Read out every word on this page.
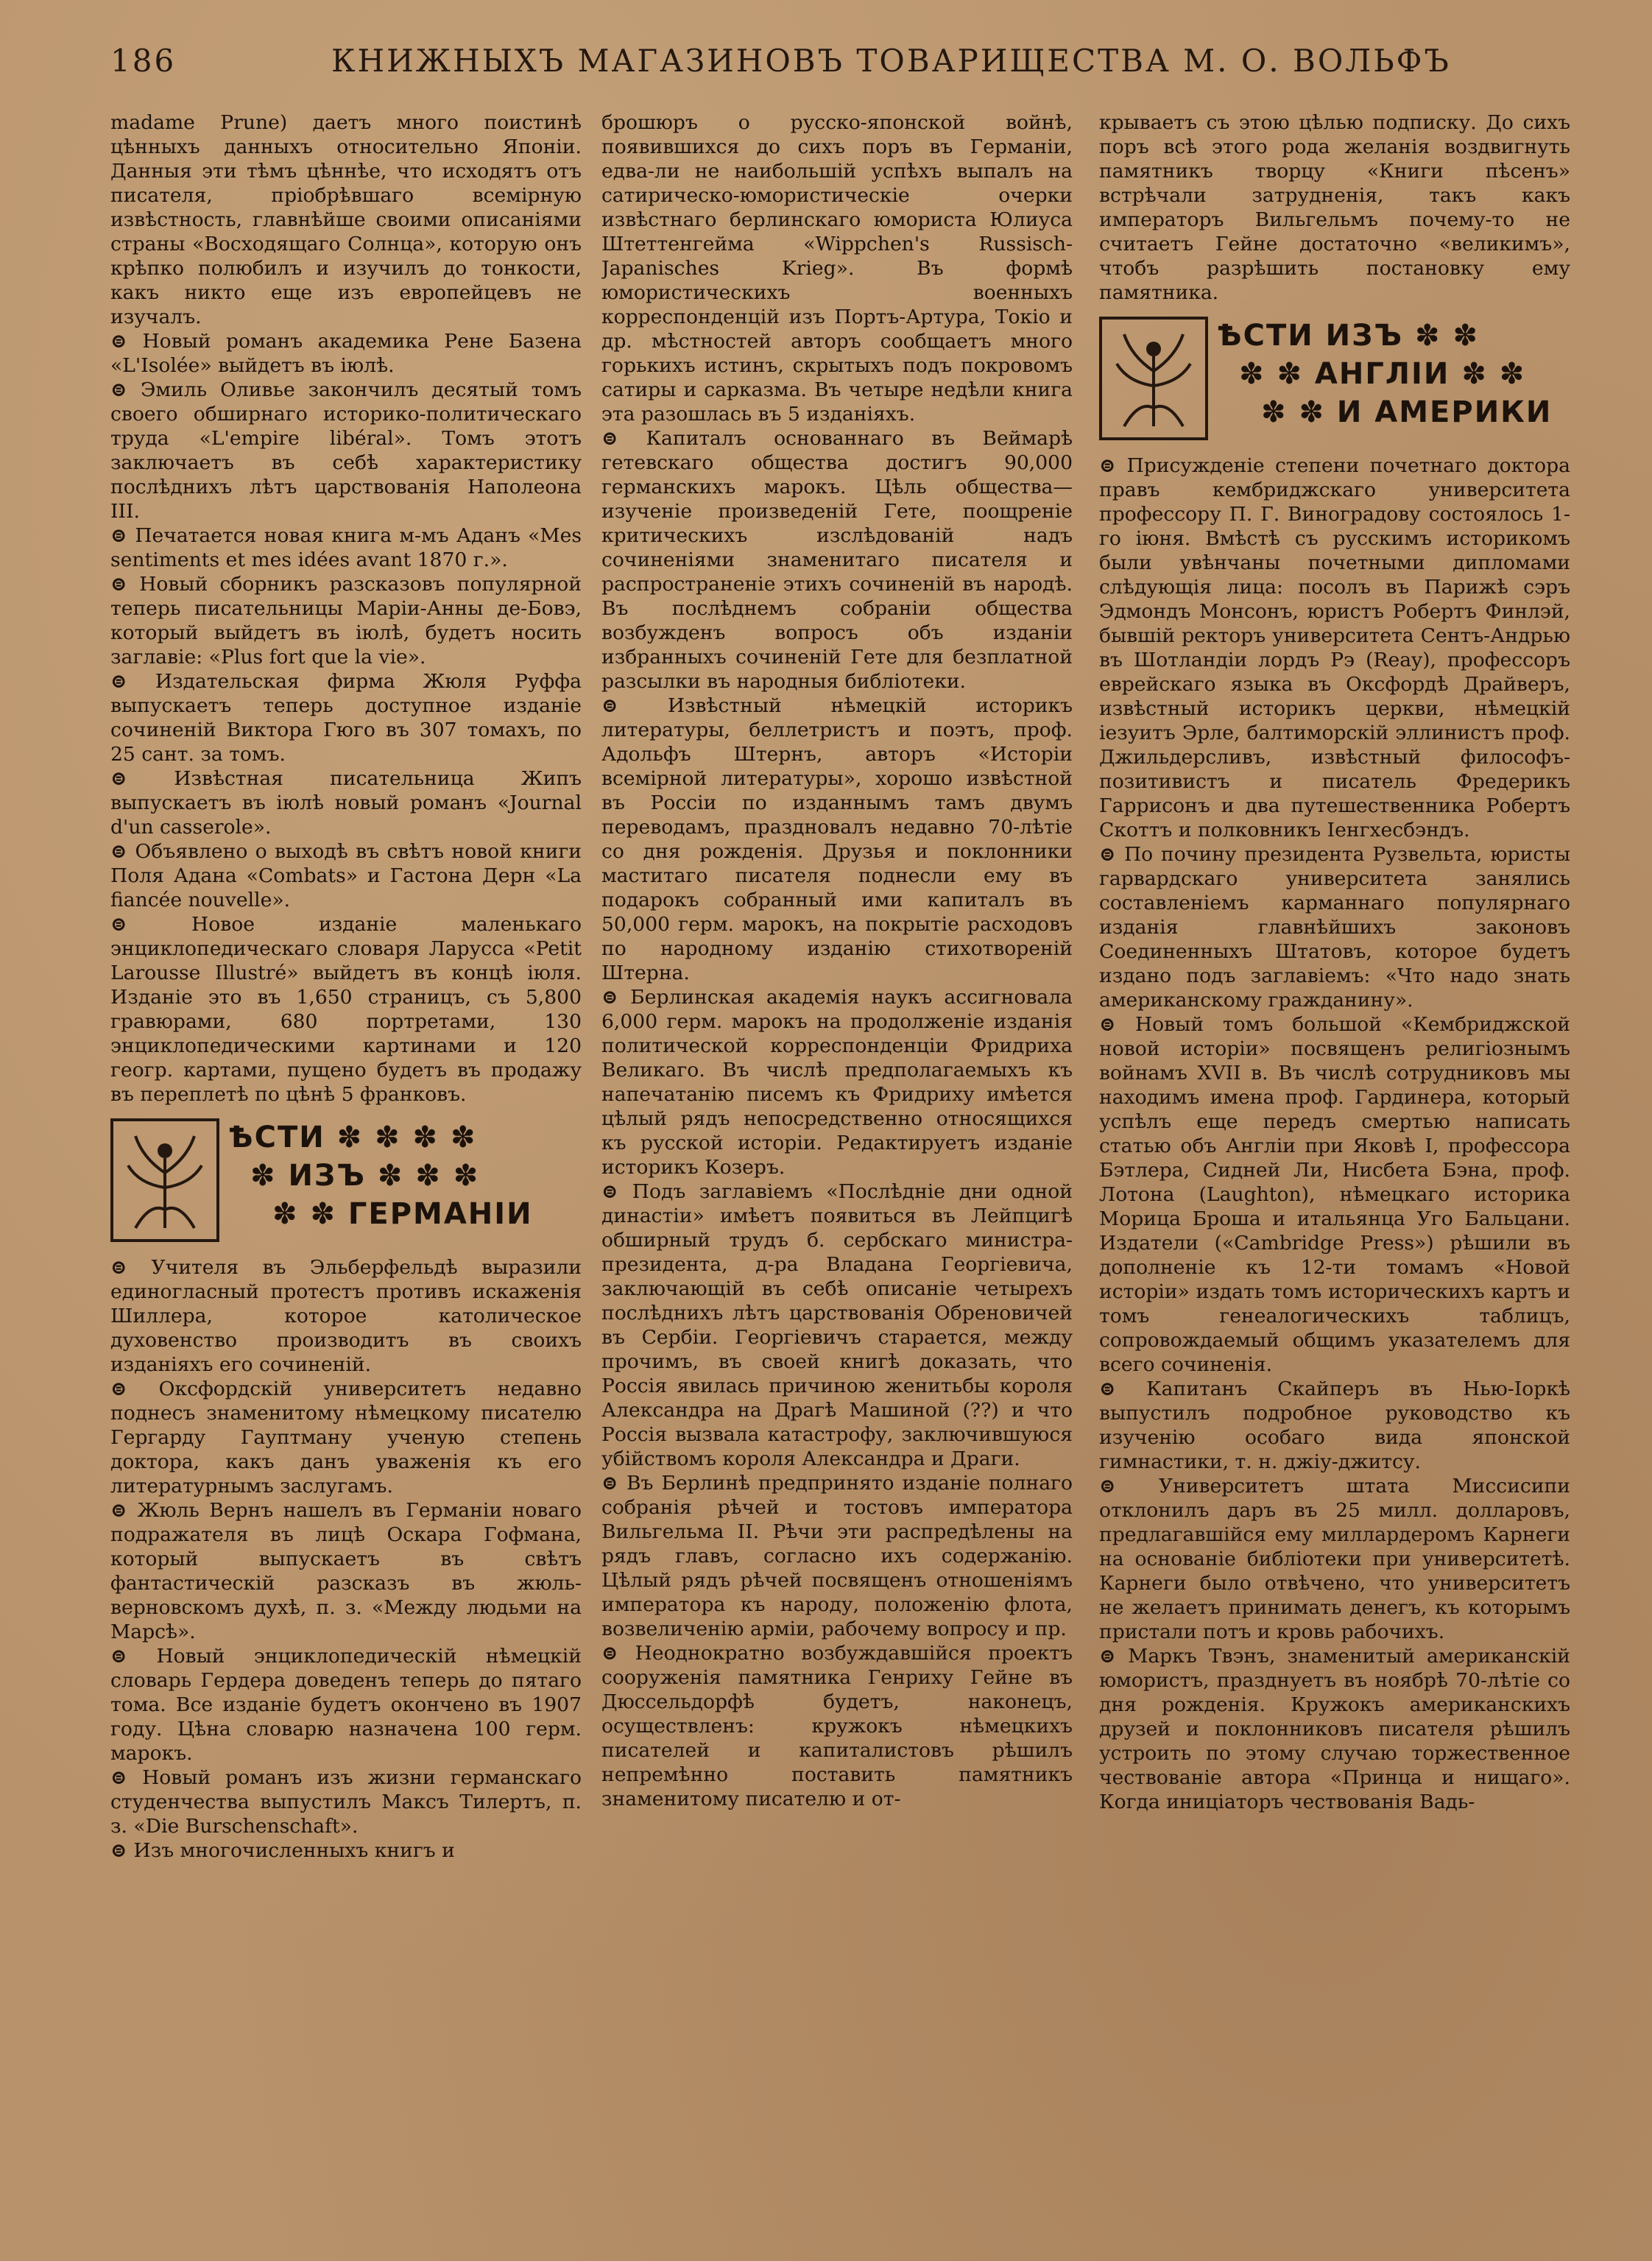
186	КНИЖНЫХЪ МАГАЗИНОВЪ ТОВАРИЩЕСТВА М. О. ВОЛЬФЪ

madame Prune) даетъ много поистинѣ цѣнныхъ данныхъ относительно Японіи. Данныя эти тѣмъ цѣннѣе, что исходятъ отъ писателя, пріобрѣвшаго всемірную извѣстность, главнѣйше своими описаніями страны «Восходящаго Солнца», которую онъ крѣпко полюбилъ и изучилъ до тонкости, какъ никто еще изъ европейцевъ не изучалъ.

⊜ Новый романъ академика Рене Базена «L'Isolée» выйдетъ въ іюлѣ.

⊜ Эмиль Оливье закончилъ десятый томъ своего обширнаго историко-политическаго труда «L'empire libéral». Томъ этотъ заключаетъ въ себѣ характеристику послѣднихъ лѣтъ царствованія Наполеона III.

⊜ Печатается новая книга м-мъ Аданъ «Mes sentiments et mes idées avant 1870 г.».

⊜ Новый сборникъ разсказовъ популярной теперь писательницы Маріи-Анны де-Бовэ, который выйдетъ въ іюлѣ, будетъ носить заглавіе: «Plus fort que la vie».

⊜ Издательская фирма Жюля Руффа выпускаетъ теперь доступное изданіе сочиненій Виктора Гюго въ 307 томахъ, по 25 сант. за томъ.

⊜ Извѣстная писательница Жипъ выпускаетъ въ іюлѣ новый романъ «Journal d'un casserole».

⊜ Объявлено о выходѣ въ свѣтъ новой книги Поля Адана «Combats» и Гастона Дерн «La fiancée nouvelle».

⊜ Новое изданіе маленькаго энциклопедическаго словаря Ларусса «Petit Larousse Illustré» выйдетъ въ концѣ іюля. Изданіе это въ 1,650 страницъ, съ 5,800 гравюрами, 680 портретами, 130 энциклопедическими картинами и 120 геогр. картами, пущено будетъ въ продажу въ переплетѣ по цѣнѣ 5 франковъ.

ѢСТИ ✽ ✽ ✽ ✽
✽ ИЗЪ ✽ ✽ ✽
✽ ✽ ГЕРМАНІИ

⊜ Учителя въ Эльберфельдѣ выразили единогласный протестъ противъ искаженія Шиллера, которое католическое духовенство производитъ въ своихъ изданіяхъ его сочиненій.

⊜ Оксфордскій университетъ недавно поднесъ знаменитому нѣмецкому писателю Гергарду Гауптману ученую степень доктора, какъ данъ уваженія къ его литературнымъ заслугамъ.

⊜ Жюль Вернъ нашелъ въ Германіи новаго подражателя въ лицѣ Оскара Гофмана, который выпускаетъ въ свѣтъ фантастическій разсказъ въ жюль-верновскомъ духѣ, п. з. «Между людьми на Марсѣ».

⊜ Новый энциклопедическій нѣмецкій словарь Гердера доведенъ теперь до пятаго тома. Все изданіе будетъ окончено въ 1907 году. Цѣна словарю назначена 100 герм. марокъ.

⊜ Новый романъ изъ жизни германскаго студенчества выпустилъ Максъ Тилертъ, п. з. «Die Burschenschaft».

⊜ Изъ многочисленныхъ книгъ и

брошюръ о русско-японской войнѣ, появившихся до сихъ поръ въ Германіи, едва-ли не наибольшій успѣхъ выпалъ на сатирическо-юмористическіе очерки извѣстнаго берлинскаго юмориста Юлиуса Штеттенгейма «Wippchen's Russisch-Japanisches Krieg». Въ формѣ юмористическихъ военныхъ корреспонденцій изъ Портъ-Артура, Токіо и др. мѣстностей авторъ сообщаетъ много горькихъ истинъ, скрытыхъ подъ покровомъ сатиры и сарказма. Въ четыре недѣли книга эта разошлась въ 5 изданіяхъ.

⊜ Капиталъ основаннаго въ Веймарѣ гетевскаго общества достигъ 90,000 германскихъ марокъ. Цѣль общества—изученіе произведеній Гете, поощреніе критическихъ изслѣдованій надъ сочиненіями знаменитаго писателя и распространеніе этихъ сочиненій въ народѣ. Въ послѣднемъ собраніи общества возбужденъ вопросъ объ изданіи избранныхъ сочиненій Гете для безплатной разсылки въ народныя библіотеки.

⊜ Извѣстный нѣмецкій историкъ литературы, беллетристъ и поэтъ, проф. Адольфъ Штернъ, авторъ «Исторіи всемірной литературы», хорошо извѣстной въ Россіи по изданнымъ тамъ двумъ переводамъ, праздновалъ недавно 70-лѣтіе со дня рожденія. Друзья и поклонники маститаго писателя поднесли ему въ подарокъ собранный ими капиталъ въ 50,000 герм. марокъ, на покрытіе расходовъ по народному изданію стихотвореній Штерна.

⊜ Берлинская академія наукъ ассигновала 6,000 герм. марокъ на продолженіе изданія политической корреспонденціи Фридриха Великаго. Въ числѣ предполагаемыхъ къ напечатанію писемъ къ Фридриху имѣется цѣлый рядъ непосредственно относящихся къ русской исторіи. Редактируетъ изданіе историкъ Козеръ.

⊜ Подъ заглавіемъ «Послѣдніе дни одной династіи» имѣетъ появиться въ Лейпцигѣ обширный трудъ б. сербскаго министра-президента, д-ра Владана Георгіевича, заключающій въ себѣ описаніе четырехъ послѣднихъ лѣтъ царствованія Обреновичей въ Сербіи. Георгіевичъ старается, между прочимъ, въ своей книгѣ доказать, что Россія явилась причиною женитьбы короля Александра на Драгѣ Машиной (??) и что Россія вызвала катастрофу, заключившуюся убійствомъ короля Александра и Драги.

⊜ Въ Берлинѣ предпринято изданіе полнаго собранія рѣчей и тостовъ императора Вильгельма II. Рѣчи эти распредѣлены на рядъ главъ, согласно ихъ содержанію. Цѣлый рядъ рѣчей посвященъ отношеніямъ императора къ народу, положенію флота, возвеличенію арміи, рабочему вопросу и пр.

⊜ Неоднократно возбуждавшійся проектъ сооруженія памятника Генриху Гейне въ Дюссельдорфѣ будетъ, наконецъ, осуществленъ: кружокъ нѣмецкихъ писателей и капиталистовъ рѣшилъ непремѣнно поставить памятникъ знаменитому писателю и от-

крываетъ съ этою цѣлью подписку. До сихъ поръ всѣ этого рода желанія воздвигнуть памятникъ творцу «Книги пѣсенъ» встрѣчали затрудненія, такъ какъ императоръ Вильгельмъ почему-то не считаетъ Гейне достаточно «великимъ», чтобъ разрѣшить постановку ему памятника.

ѢСТИ ИЗЪ ✽ ✽
✽ ✽ АНГЛІИ ✽ ✽
✽ ✽ И АМЕРИКИ

⊜ Присужденіе степени почетнаго доктора правъ кембриджскаго университета профессору П. Г. Виноградову состоялось 1-го іюня. Вмѣстѣ съ русскимъ историкомъ были увѣнчаны почетными дипломами слѣдующія лица: посолъ въ Парижѣ сэръ Эдмондъ Монсонъ, юристъ Робертъ Финлэй, бывшій ректоръ университета Сентъ-Андрью въ Шотландіи лордъ Рэ (Reay), профессоръ еврейскаго языка въ Оксфордѣ Драйверъ, извѣстный историкъ церкви, нѣмецкій іезуитъ Эрле, балтиморскій эллинистъ проф. Джильдерсливъ, извѣстный философъ-позитивистъ и писатель Фредерикъ Гаррисонъ и два путешественника Робертъ Скоттъ и полковникъ Іенгхесбэндъ.

⊜ По почину президента Рузвельта, юристы гарвардскаго университета занялись составленіемъ карманнаго популярнаго изданія главнѣйшихъ законовъ Соединенныхъ Штатовъ, которое будетъ издано подъ заглавіемъ: «Что надо знать американскому гражданину».

⊜ Новый томъ большой «Кембриджской новой исторіи» посвященъ религіознымъ войнамъ XVII в. Въ числѣ сотрудниковъ мы находимъ имена проф. Гардинера, который успѣлъ еще передъ смертью написать статью объ Англіи при Яковѣ I, профессора Бэтлера, Сидней Ли, Нисбета Бэна, проф. Лотона (Laughton), нѣмецкаго историка Морица Броша и итальянца Уго Бальцани. Издатели («Cambridge Press») рѣшили въ дополненіе къ 12-ти томамъ «Новой исторіи» издать томъ историческихъ картъ и томъ генеалогическихъ таблицъ, сопровождаемый общимъ указателемъ для всего сочиненія.

⊜ Капитанъ Скайперъ въ Нью-Іоркѣ выпустилъ подробное руководство къ изученію особаго вида японской гимнастики, т. н. джіу-джитсу.

⊜ Университетъ штата Миссисипи отклонилъ даръ въ 25 милл. долларовъ, предлагавшійся ему миллардеромъ Карнеги на основаніе библіотеки при университетѣ. Карнеги было отвѣчено, что университетъ не желаетъ принимать денегъ, къ которымъ пристали потъ и кровь рабочихъ.

⊜ Маркъ Твэнъ, знаменитый американскій юмористъ, празднуетъ въ ноябрѣ 70-лѣтіе со дня рожденія. Кружокъ американскихъ друзей и поклонниковъ писателя рѣшилъ устроить по этому случаю торжественное чествованіе автора «Принца и нищаго». Когда иниціаторъ чествованія Вадь-
